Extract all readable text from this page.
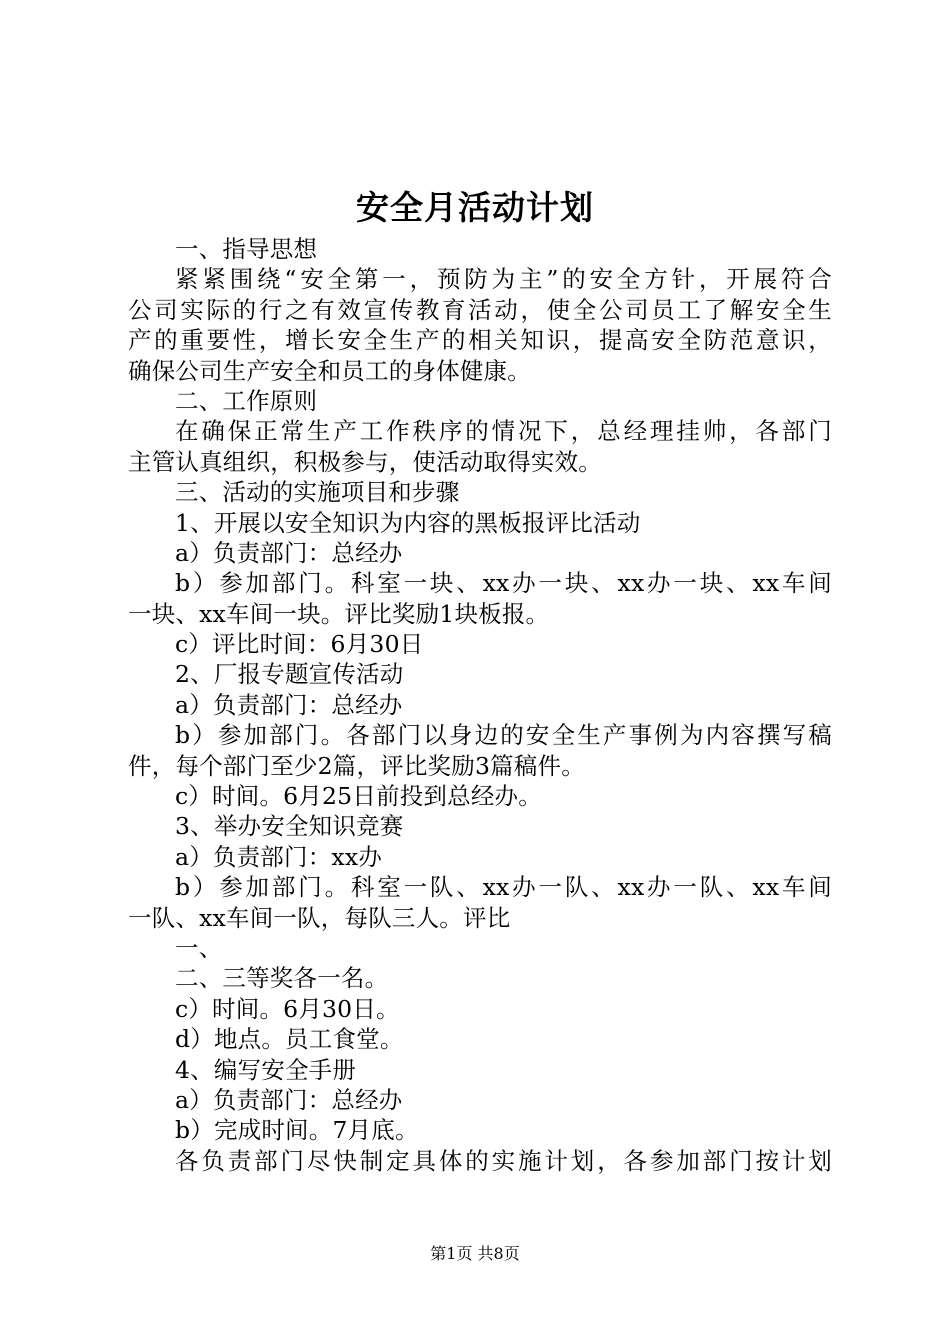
安全月活动计划
一、指导思想
紧紧围绕“安全第一，预防为主”的安全方针，开展符合
公司实际的行之有效宣传教育活动，使全公司员工了解安全生
产的重要性，增长安全生产的相关知识，提高安全防范意识，
确保公司生产安全和员工的身体健康。
二、工作原则
在确保正常生产工作秩序的情况下，总经理挂帅，各部门
主管认真组织，积极参与，使活动取得实效。
三、活动的实施项目和步骤
1、开展以安全知识为内容的黑板报评比活动
a）负责部门：总经办
b）参加部门。科室一块、xx办一块、xx办一块、xx车间
一块、xx车间一块。评比奖励1块板报。
c）评比时间：6月30日
2、厂报专题宣传活动
a）负责部门：总经办
b）参加部门。各部门以身边的安全生产事例为内容撰写稿
件，每个部门至少2篇，评比奖励3篇稿件。
c）时间。6月25日前投到总经办。
3、举办安全知识竞赛
a）负责部门：xx办
b）参加部门。科室一队、xx办一队、xx办一队、xx车间
一队、xx车间一队，每队三人。评比
一、
二、三等奖各一名。
c）时间。6月30日。
d）地点。员工食堂。
4、编写安全手册
a）负责部门：总经办
b）完成时间。7月底。
各负责部门尽快制定具体的实施计划，各参加部门按计划
第1页 共8页
